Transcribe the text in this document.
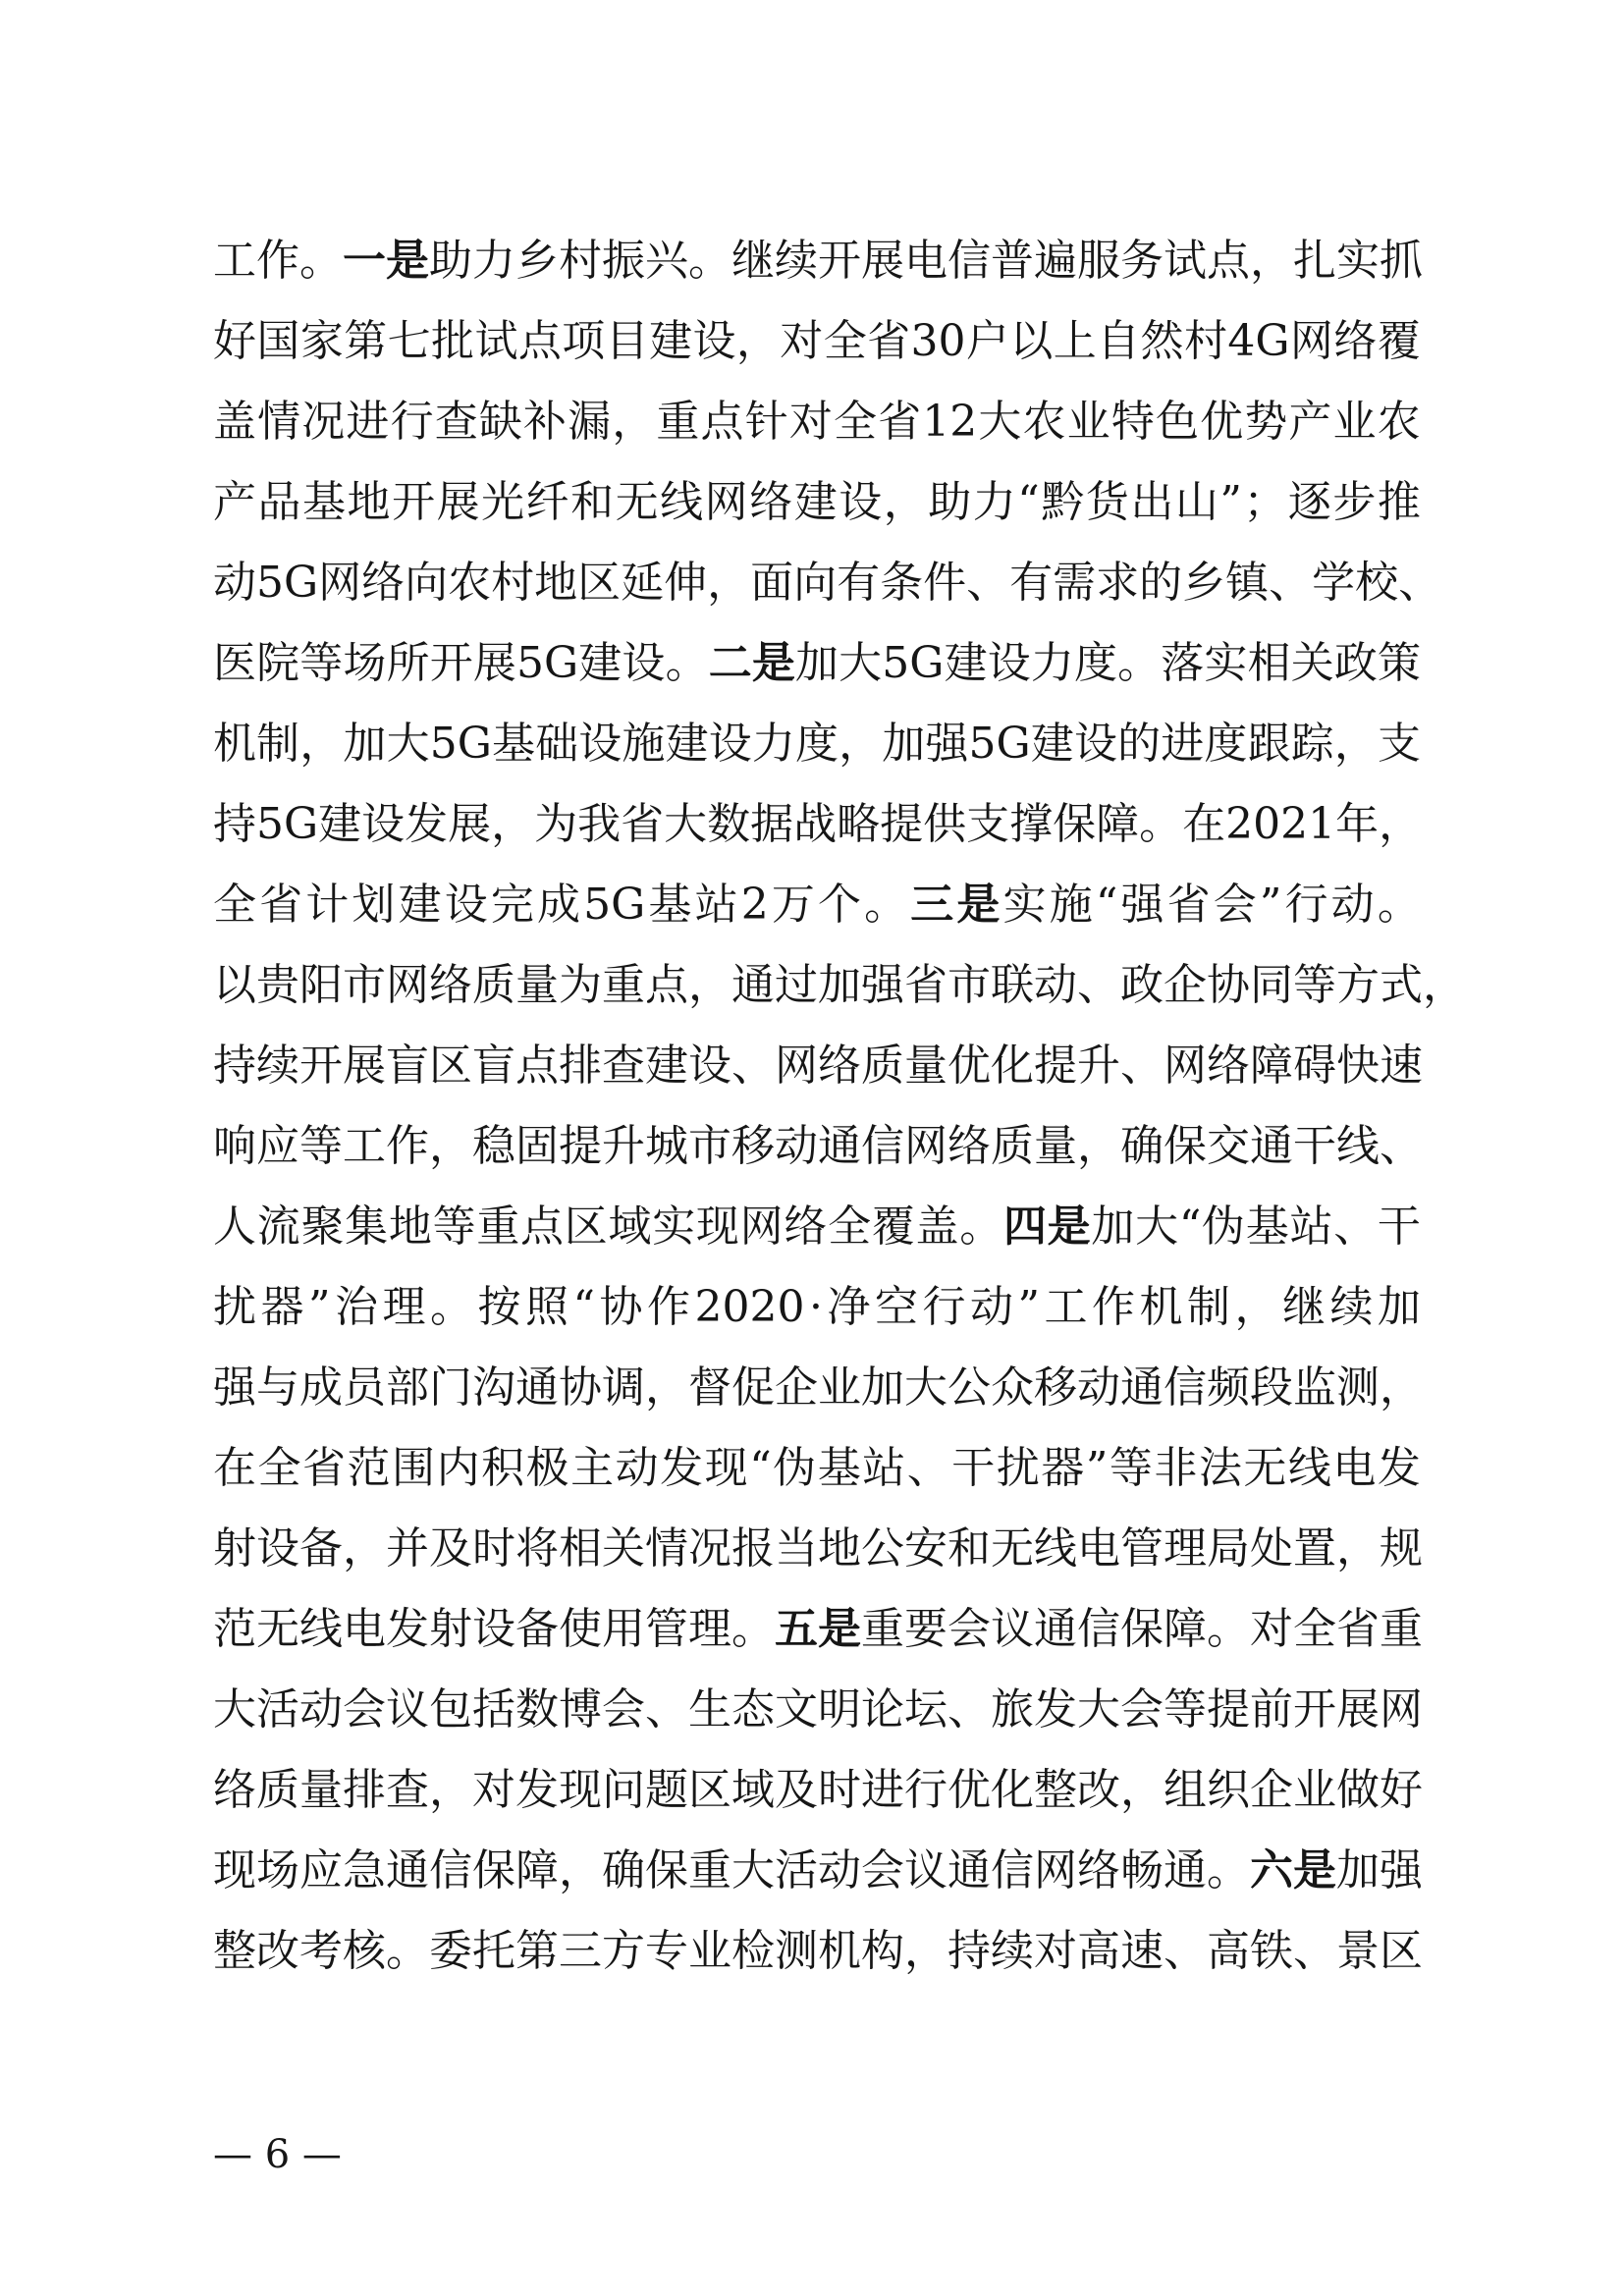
工 作 。 一 是 助 力 乡 村 振 兴 。 继 续 开 展 电 信 普 遍 服 务 试 点 ， 扎 实 抓
好 国 家 第 七 批 试 点 项 目 建 设 ， 对 全 省 30 户 以 上 自 然 村 4G 网 络 覆
盖 情 况 进 行 查 缺 补 漏 ， 重 点 针 对 全 省 12 大 农 业 特 色 优 势 产 业 农
产 品 基 地 开 展 光 纤 和 无 线 网 络 建 设 ， 助 力 “ 黔 货 出 山 ” ； 逐 步 推
动 5G 网 络 向 农 村 地 区 延 伸 ， 面 向 有 条 件 、 有 需 求 的 乡 镇 、 学 校 、
医 院 等 场 所 开 展 5G 建 设 。 二 是 加 大 5G 建 设 力 度 。 落 实 相 关 政 策
机 制 ， 加 大 5G 基 础 设 施 建 设 力 度 ， 加 强 5G 建 设 的 进 度 跟 踪 ， 支
持 5G 建 设 发 展 ， 为 我 省 大 数 据 战 略 提 供 支 撑 保 障 。 在 2021 年 ，
全 省 计 划 建 设 完 成 5G 基 站 2 万 个 。 三 是 实 施 “ 强 省 会 ” 行 动 。
以 贵 阳 市 网 络 质 量 为 重 点 ， 通 过 加 强 省 市 联 动 、 政 企 协 同 等 方 式 ，
持 续 开 展 盲 区 盲 点 排 查 建 设 、 网 络 质 量 优 化 提 升 、 网 络 障 碍 快 速
响 应 等 工 作 ， 稳 固 提 升 城 市 移 动 通 信 网 络 质 量 ， 确 保 交 通 干 线 、
人 流 聚 集 地 等 重 点 区 域 实 现 网 络 全 覆 盖 。 四 是 加 大 “ 伪 基 站 、 干
扰 器 ” 治 理 。 按 照 “ 协 作 2020 · 净 空 行 动 ” 工 作 机 制 ， 继 续 加
强 与 成 员 部 门 沟 通 协 调 ， 督 促 企 业 加 大 公 众 移 动 通 信 频 段 监 测 ，
在 全 省 范 围 内 积 极 主 动 发 现 “ 伪 基 站 、 干 扰 器 ” 等 非 法 无 线 电 发
射 设 备 ， 并 及 时 将 相 关 情 况 报 当 地 公 安 和 无 线 电 管 理 局 处 置 ， 规
范 无 线 电 发 射 设 备 使 用 管 理 。 五 是 重 要 会 议 通 信 保 障 。 对 全 省 重
大 活 动 会 议 包 括 数 博 会 、 生 态 文 明 论 坛 、 旅 发 大 会 等 提 前 开 展 网
络 质 量 排 查 ， 对 发 现 问 题 区 域 及 时 进 行 优 化 整 改 ， 组 织 企 业 做 好
现 场 应 急 通 信 保 障 ， 确 保 重 大 活 动 会 议 通 信 网 络 畅 通 。 六 是 加 强
整 改 考 核 。 委 托 第 三 方 专 业 检 测 机 构 ， 持 续 对 高 速 、 高 铁 、 景 区
— 6 —
